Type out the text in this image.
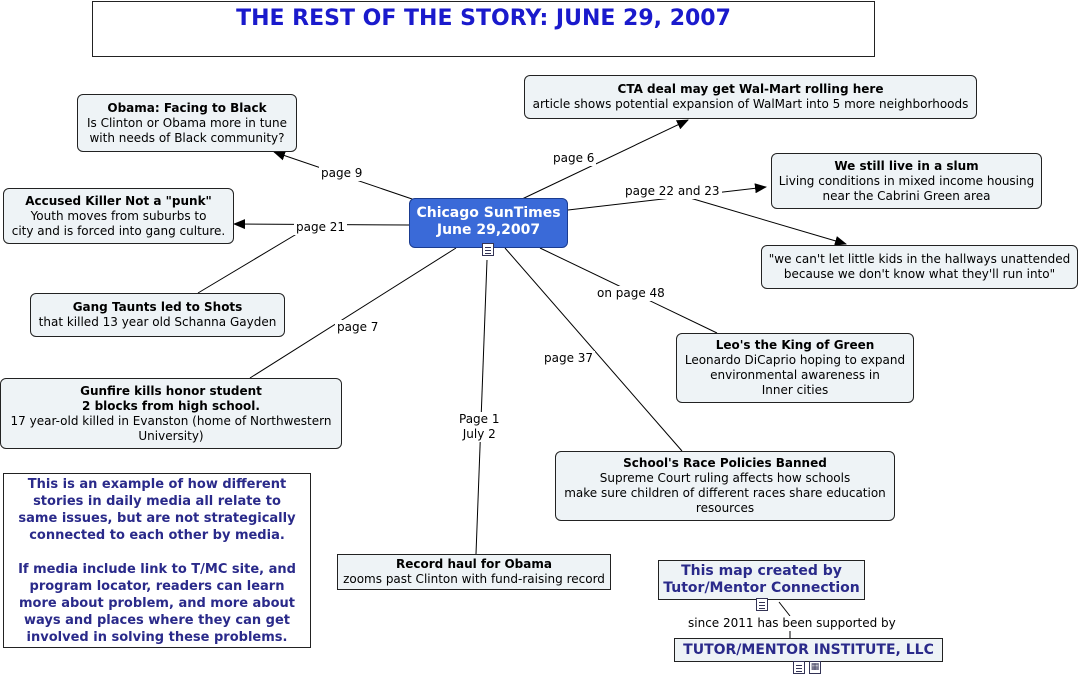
THE REST OF THE STORY: JUNE 29, 2007
Chicago SunTimes
June 29,2007
Obama: Facing to Black
Is Clinton or Obama more in tune
with needs of Black community?
CTA deal may get Wal-Mart rolling here
article shows potential expansion of WalMart into 5 more neighborhoods
Accused Killer Not a "punk"
Youth moves from suburbs to
city and is forced into gang culture.
We still live in a slum
Living conditions in mixed income housing
near the Cabrini Green area
"we can't let little kids in the hallways unattended
because we don't know what they'll run into"
Gang Taunts led to Shots
that killed 13 year old Schanna Gayden
Leo's the King of Green
Leonardo DiCaprio hoping to expand
environmental awareness in
Inner cities
Gunfire kills honor student
2 blocks from high school.
17 year-old killed in Evanston (home of Northwestern
University)
School's Race Policies Banned
Supreme Court ruling affects how schools
make sure children of different races share education
resources
Record haul for Obama
zooms past Clinton with fund-raising record
page 9
page 6
page 22 and 23
page 21
on page 48
page 7
page 37
Page 1
July 2
This is an example of how different
stories in daily media all relate to
same issues, but are not strategically
connected to each other by media.

If media include link to T/MC site, and
program locator, readers can learn
more about problem, and more about
ways and places where they can get
involved in solving these problems.
This map created by
Tutor/Mentor Connection
since 2011 has been supported by
TUTOR/MENTOR INSTITUTE, LLC
▦
